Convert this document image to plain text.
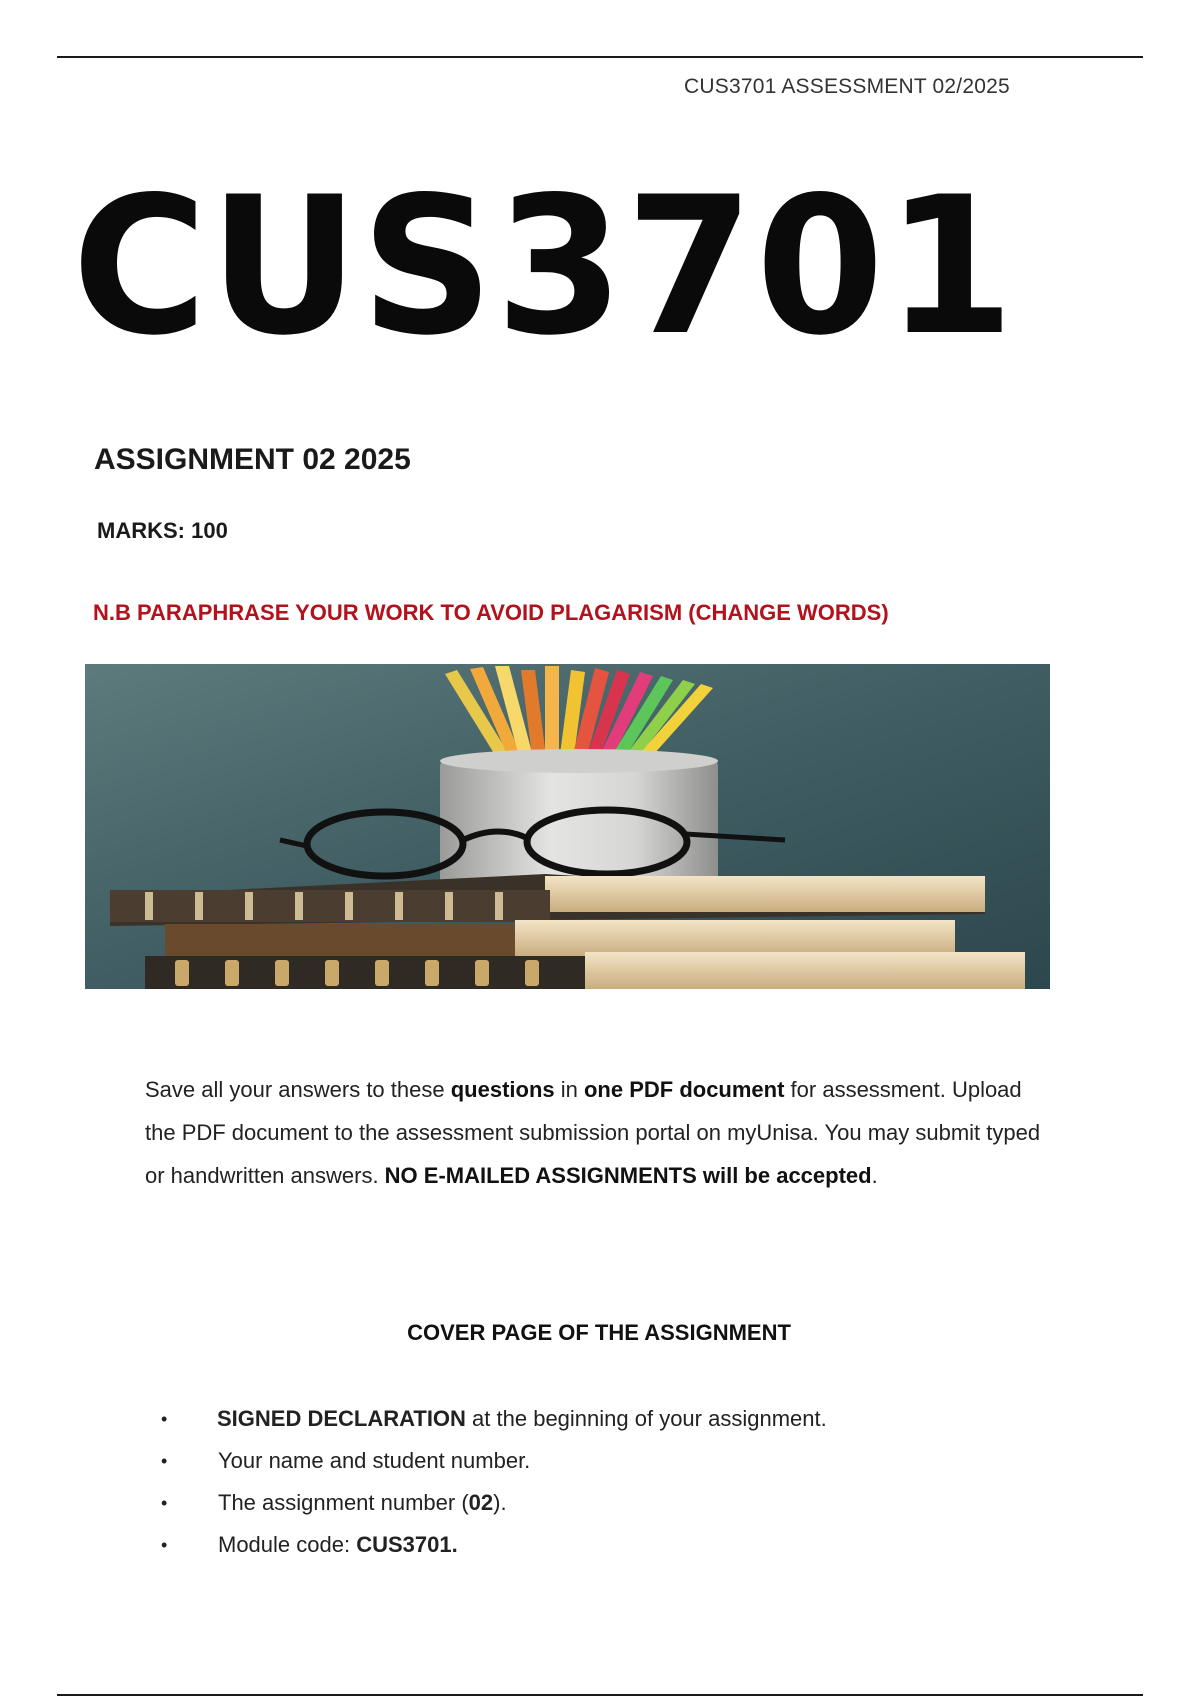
CUS3701 ASSESSMENT 02/2025
CUS3701
ASSIGNMENT 02 2025
MARKS: 100
N.B PARAPHRASE YOUR WORK TO AVOID PLAGARISM (CHANGE WORDS)
Save all your answers to these questions in one PDF document for assessment. Upload the PDF document to the assessment submission portal on myUnisa. You may submit typed or handwritten answers. NO E-MAILED ASSIGNMENTS will be accepted.
COVER PAGE OF THE ASSIGNMENT
• SIGNED DECLARATION at the beginning of your assignment.
• Your name and student number.
• The assignment number (02).
• Module code: CUS3701.
